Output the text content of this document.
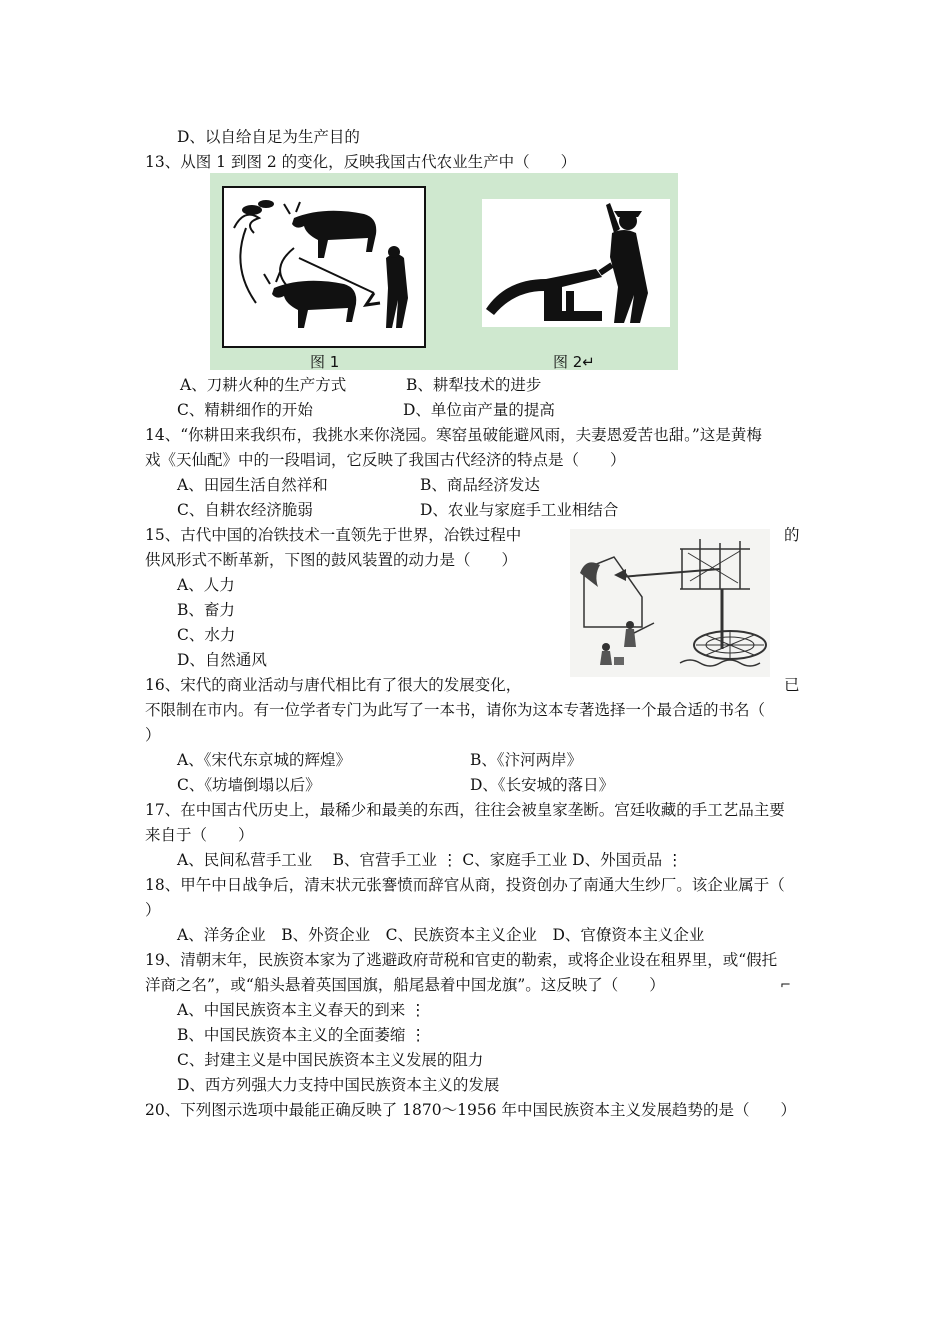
D、以自给自足为生产目的
13、从图 1 到图 2 的变化，反映我国古代农业生产中（　　）
图 1	图 2↵
A、刀耕火种的生产方式	B、耕犁技术的进步
C、精耕细作的开始	D、单位亩产量的提高
14、“你耕田来我织布，我挑水来你浇园。寒窑虽破能避风雨，夫妻恩爱苦也甜。”这是黄梅
戏《天仙配》中的一段唱词，它反映了我国古代经济的特点是（　　）
A、田园生活自然祥和	B、商品经济发达
C、自耕农经济脆弱	D、农业与家庭手工业相结合
15、古代中国的冶铁技术一直领先于世界，冶铁过程中	的
供风形式不断革新，下图的鼓风装置的动力是（　　）
A、人力
B、畜力
C、水力
D、自然通风
16、宋代的商业活动与唐代相比有了很大的发展变化，	已
不限制在市内。有一位学者专门为此写了一本书，请你为这本专著选择一个最合适的书名（
）
A、《宋代东京城的辉煌》	B、《汴河两岸》
C、《坊墙倒塌以后》	D、《长安城的落日》
17、在中国古代历史上，最稀少和最美的东西，往往会被皇家垄断。宫廷收藏的手工艺品主要
来自于（　　）
A、民间私营手工业　 B、官营手工业 ⋮ C、家庭手工业 D、外国贡品 ⋮
18、甲午中日战争后，清末状元张謇愤而辞官从商，投资创办了南通大生纱厂。该企业属于（
）
A、洋务企业　B、外资企业　C、民族资本主义企业　D、官僚资本主义企业
19、清朝末年，民族资本家为了逃避政府苛税和官吏的勒索，或将企业设在租界里，或“假托
洋商之名”，或“船头悬着英国国旗，船尾悬着中国龙旗”。这反映了（　　）	⌐
A、中国民族资本主义春天的到来 ⋮
B、中国民族资本主义的全面萎缩 ⋮
C、封建主义是中国民族资本主义发展的阻力
D、西方列强大力支持中国民族资本主义的发展
20、下列图示选项中最能正确反映了 1870～1956 年中国民族资本主义发展趋势的是（　　）
